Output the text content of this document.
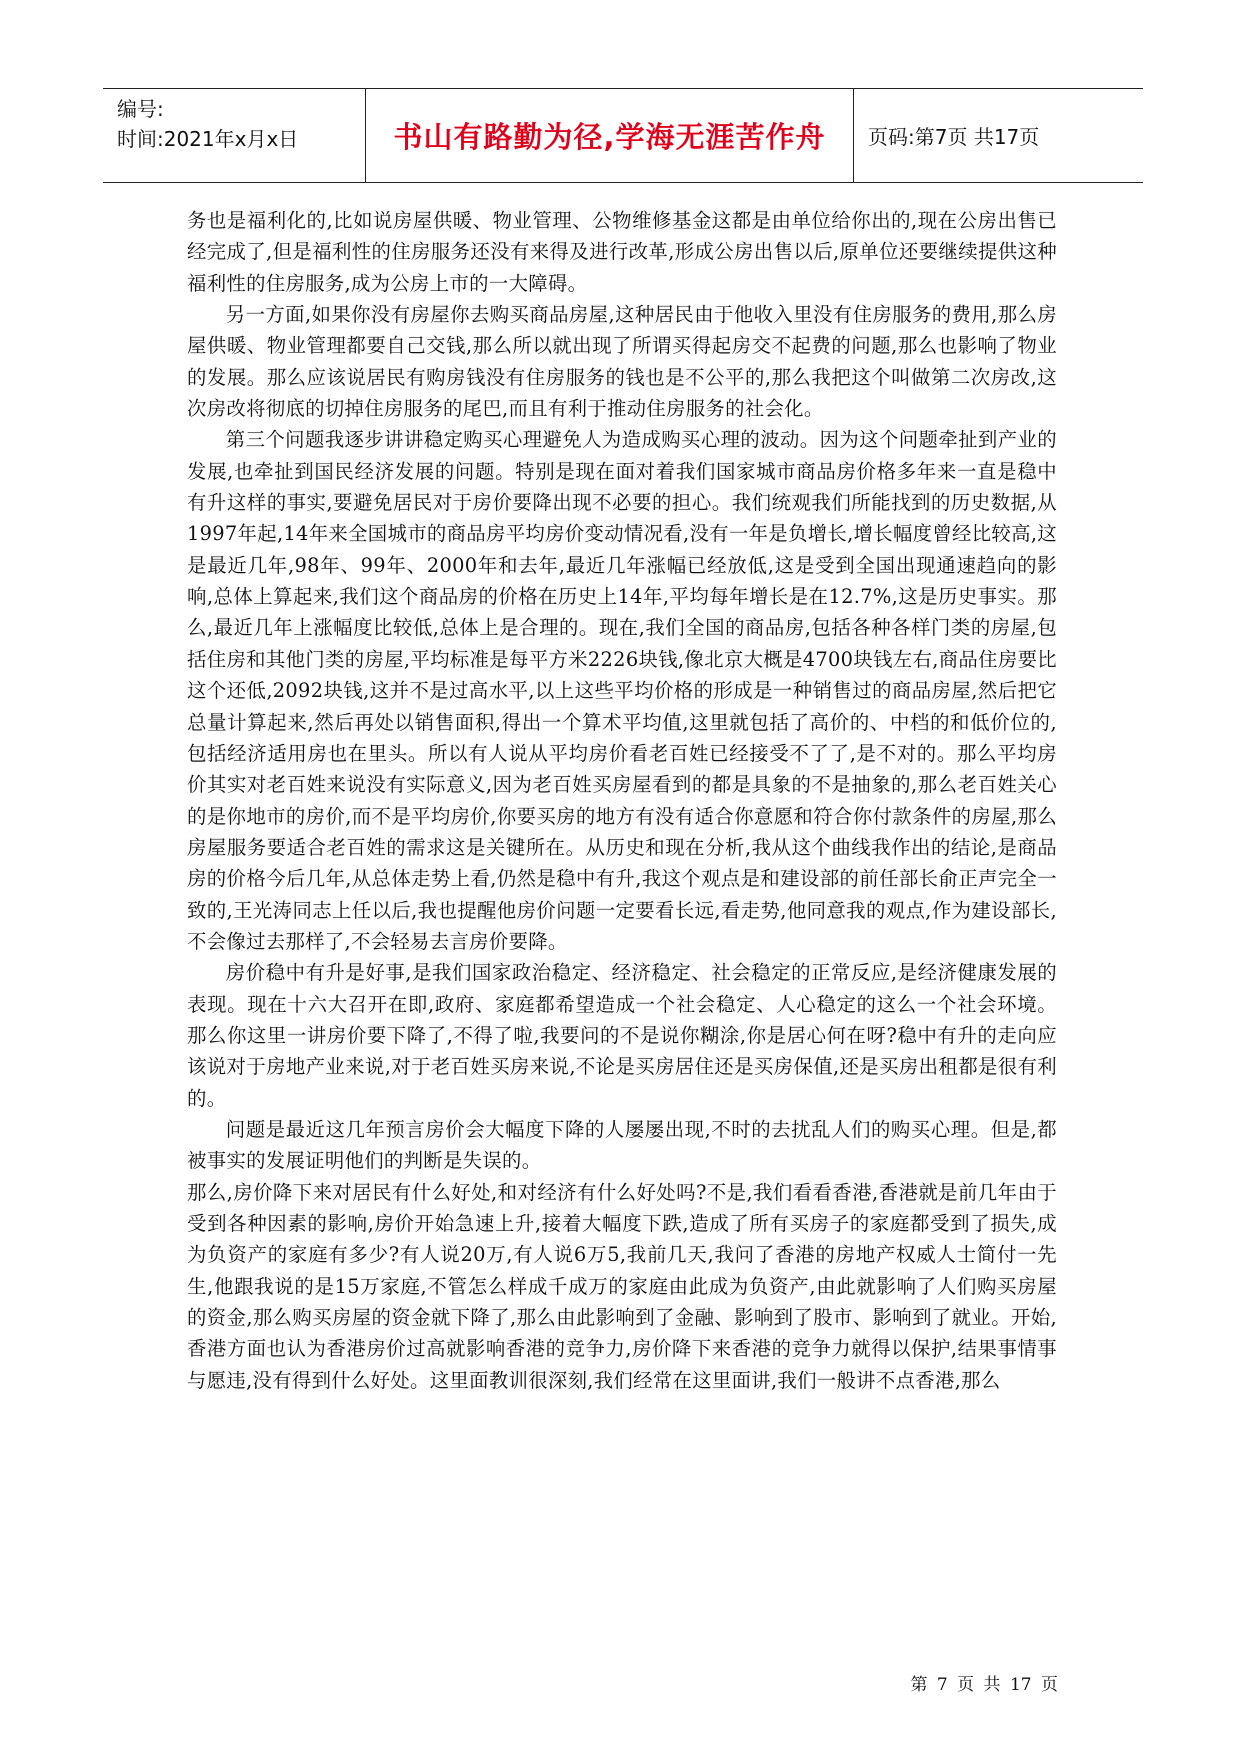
编号:
时间:2021年x月x日	书山有路勤为径,学海无涯苦作舟 页码:第7页 共17页

务也是福利化的,比如说房屋供暖、物业管理、公物维修基金这都是由单位给你出的,现在公房出售已经完成了,但是福利性的住房服务还没有来得及进行改革,形成公房出售以后,原单位还要继续提供这种福利性的住房服务,成为公房上市的一大障碍。

另一方面,如果你没有房屋你去购买商品房屋,这种居民由于他收入里没有住房服务的费用,那么房屋供暖、物业管理都要自己交钱,那么所以就出现了所谓买得起房交不起费的问题,那么也影响了物业的发展。那么应该说居民有购房钱没有住房服务的钱也是不公平的,那么我把这个叫做第二次房改,这次房改将彻底的切掉住房服务的尾巴,而且有利于推动住房服务的社会化。

第三个问题我逐步讲讲稳定购买心理避免人为造成购买心理的波动。因为这个问题牵扯到产业的发展,也牵扯到国民经济发展的问题。特别是现在面对着我们国家城市商品房价格多年来一直是稳中有升这样的事实,要避免居民对于房价要降出现不必要的担心。我们统观我们所能找到的历史数据,从1997年起,14年来全国城市的商品房平均房价变动情况看,没有一年是负增长,增长幅度曾经比较高,这是最近几年,98年、99年、2000年和去年,最近几年涨幅已经放低,这是受到全国出现通速趋向的影响,总体上算起来,我们这个商品房的价格在历史上14年,平均每年增长是在12.7%,这是历史事实。那么,最近几年上涨幅度比较低,总体上是合理的。现在,我们全国的商品房,包括各种各样门类的房屋,包括住房和其他门类的房屋,平均标准是每平方米2226块钱,像北京大概是4700块钱左右,商品住房要比这个还低,2092块钱,这并不是过高水平,以上这些平均价格的形成是一种销售过的商品房屋,然后把它总量计算起来,然后再处以销售面积,得出一个算术平均值,这里就包括了高价的、中档的和低价位的,包括经济适用房也在里头。所以有人说从平均房价看老百姓已经接受不了了,是不对的。那么平均房价其实对老百姓来说没有实际意义,因为老百姓买房屋看到的都是具象的不是抽象的,那么老百姓关心的是你地市的房价,而不是平均房价,你要买房的地方有没有适合你意愿和符合你付款条件的房屋,那么房屋服务要适合老百姓的需求这是关键所在。从历史和现在分析,我从这个曲线我作出的结论,是商品房的价格今后几年,从总体走势上看,仍然是稳中有升,我这个观点是和建设部的前任部长俞正声完全一致的,王光涛同志上任以后,我也提醒他房价问题一定要看长远,看走势,他同意我的观点,作为建设部长,不会像过去那样了,不会轻易去言房价要降。

房价稳中有升是好事,是我们国家政治稳定、经济稳定、社会稳定的正常反应,是经济健康发展的表现。现在十六大召开在即,政府、家庭都希望造成一个社会稳定、人心稳定的这么一个社会环境。那么你这里一讲房价要下降了,不得了啦,我要问的不是说你糊涂,你是居心何在呀?稳中有升的走向应该说对于房地产业来说,对于老百姓买房来说,不论是买房居住还是买房保值,还是买房出租都是很有利的。

问题是最近这几年预言房价会大幅度下降的人屡屡出现,不时的去扰乱人们的购买心理。但是,都被事实的发展证明他们的判断是失误的。

那么,房价降下来对居民有什么好处,和对经济有什么好处吗?不是,我们看看香港,香港就是前几年由于受到各种因素的影响,房价开始急速上升,接着大幅度下跌,造成了所有买房子的家庭都受到了损失,成为负资产的家庭有多少?有人说20万,有人说6万5,我前几天,我问了香港的房地产权威人士简付一先生,他跟我说的是15万家庭,不管怎么样成千成万的家庭由此成为负资产,由此就影响了人们购买房屋的资金,那么购买房屋的资金就下降了,那么由此影响到了金融、影响到了股市、影响到了就业。开始,香港方面也认为香港房价过高就影响香港的竞争力,房价降下来香港的竞争力就得以保护,结果事情事与愿违,没有得到什么好处。这里面教训很深刻,我们经常在这里面讲,我们一般讲不点香港,那么

第 7 页 共 17 页
